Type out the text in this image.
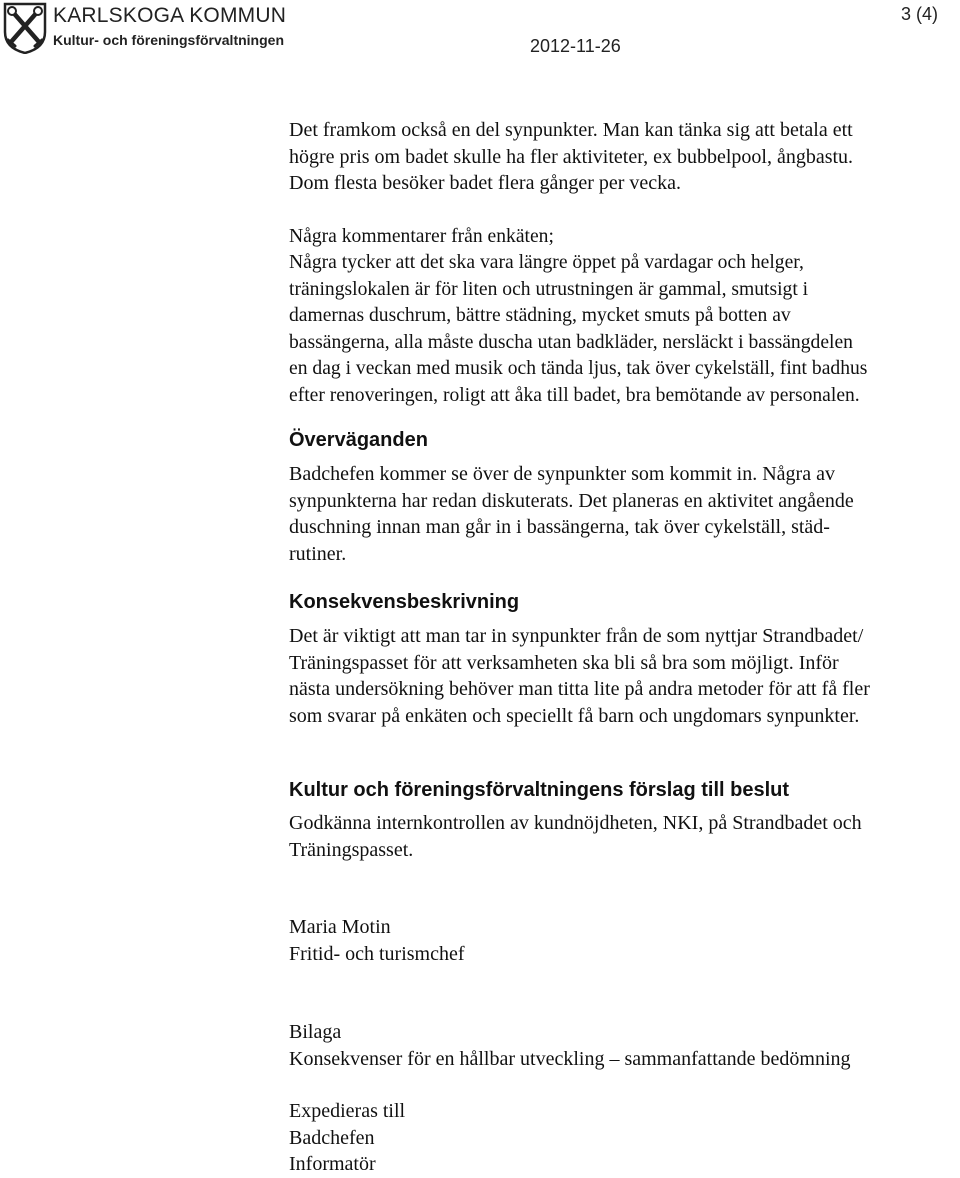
KARLSKOGA KOMMUN
Kultur- och föreningsförvaltningen
3 (4)
2012-11-26

Det framkom också en del synpunkter. Man kan tänka sig att betala ett

högre pris om badet skulle ha fler aktiviteter, ex bubbelpool, ångbastu.

Dom flesta besöker badet flera gånger per vecka.

Några kommentarer från enkäten;

Några tycker att det ska vara längre öppet på vardagar och helger,

träningslokalen är för liten och utrustningen är gammal, smutsigt i

damernas duschrum, bättre städning, mycket smuts på botten av

bassängerna, alla måste duscha utan badkläder, nersläckt i bassängdelen

en dag i veckan med musik och tända ljus, tak över cykelställ, fint badhus

efter renoveringen, roligt att åka till badet, bra bemötande av personalen.

Överväganden

Badchefen kommer se över de synpunkter som kommit in. Några av

synpunkterna har redan diskuterats. Det planeras en aktivitet angående

duschning innan man går in i bassängerna, tak över cykelställ, städ-

rutiner.

Konsekvensbeskrivning

Det är viktigt att man tar in synpunkter från de som nyttjar Strandbadet/

Träningspasset för att verksamheten ska bli så bra som möjligt. Inför

nästa undersökning behöver man titta lite på andra metoder för att få fler

som svarar på enkäten och speciellt få barn och ungdomars synpunkter.

Kultur och föreningsförvaltningens förslag till beslut

Godkänna internkontrollen av kundnöjdheten, NKI, på Strandbadet och

Träningspasset.

Maria Motin

Fritid- och turismchef

Bilaga

Konsekvenser för en hållbar utveckling – sammanfattande bedömning

Expedieras till

Badchefen

Informatör
